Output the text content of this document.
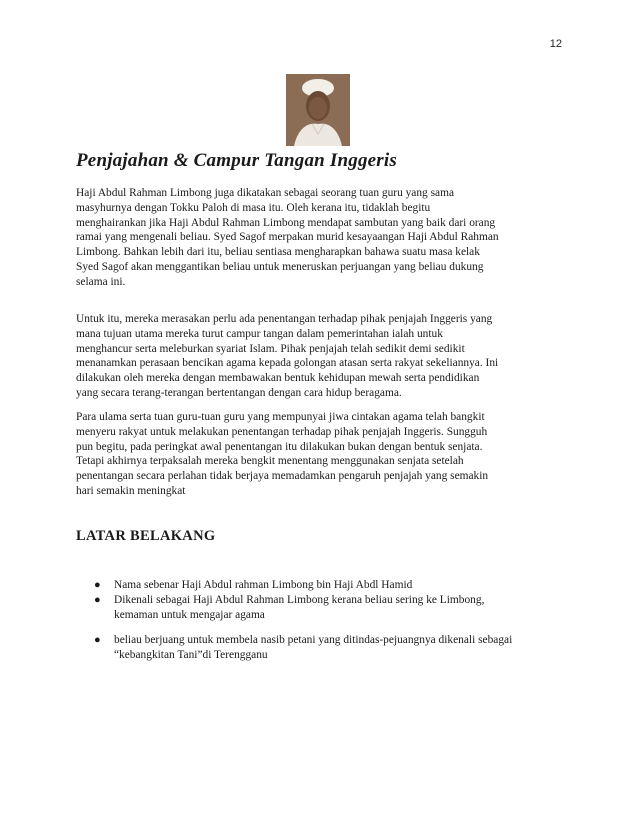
12
Penjajahan & Campur Tangan Inggeris
Haji Abdul Rahman Limbong juga dikatakan sebagai seorang tuan guru yang sama
masyhurnya dengan Tokku Paloh di masa itu. Oleh kerana itu, tidaklah begitu
menghairankan jika Haji Abdul Rahman Limbong mendapat sambutan yang baik dari orang
ramai yang mengenali beliau. Syed Sagof merpakan murid kesayaangan Haji Abdul Rahman
Limbong. Bahkan lebih dari itu, beliau sentiasa mengharapkan bahawa suatu masa kelak
Syed Sagof akan menggantikan beliau untuk meneruskan perjuangan yang beliau dukung
selama ini.
Untuk itu, mereka merasakan perlu ada penentangan terhadap pihak penjajah Inggeris yang
mana tujuan utama mereka turut campur tangan dalam pemerintahan ialah untuk
menghancur serta meleburkan syariat Islam. Pihak penjajah telah sedikit demi sedikit
menanamkan perasaan bencikan agama kepada golongan atasan serta rakyat sekeliannya. Ini
dilakukan oleh mereka dengan membawakan bentuk kehidupan mewah serta pendidikan
yang secara terang-terangan bertentangan dengan cara hidup beragama.
Para ulama serta tuan guru-tuan guru yang mempunyai jiwa cintakan agama telah bangkit
menyeru rakyat untuk melakukan penentangan terhadap pihak penjajah Inggeris. Sungguh
pun begitu, pada peringkat awal penentangan itu dilakukan bukan dengan bentuk senjata.
Tetapi akhirnya terpaksalah mereka bengkit menentang menggunakan senjata setelah
penentangan secara perlahan tidak berjaya memadamkan pengaruh penjajah yang semakin
hari semakin meningkat
LATAR BELAKANG
● Nama sebenar Haji Abdul rahman Limbong bin Haji Abdl Hamid
● Dikenali sebagai Haji Abdul Rahman Limbong kerana beliau sering ke Limbong,
kemaman untuk mengajar agama
● beliau berjuang untuk membela nasib petani yang ditindas-pejuangnya dikenali sebagai
“kebangkitan Tani”di Terengganu
